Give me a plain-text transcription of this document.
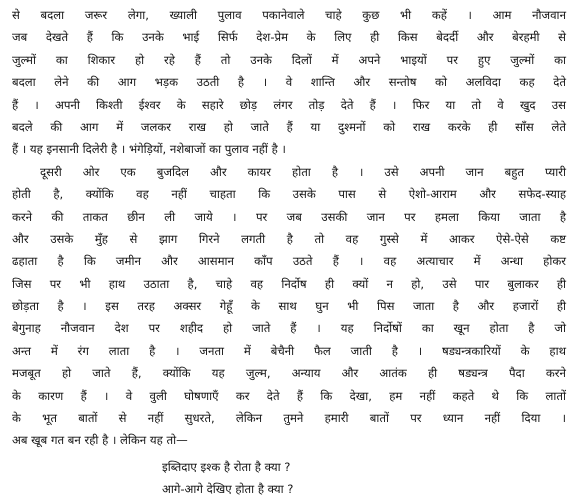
से बदला जरूर लेगा, ख्याली पुलाव पकानेवाले चाहे कुछ भी कहें । आम नौजवान
जब देखते हैं कि उनके भाई सिर्फ देश-प्रेम के लिए ही किस बेदर्दी और बेरहमी से
जुल्मों का शिकार हो रहे हैं तो उनके दिलों में अपने भाइयों पर हुए जुल्मों का
बदला लेने की आग भड़क उठती है । वे शान्ति और सन्तोष को अलविदा कह देते
हैं । अपनी किश्ती ईश्वर के सहारे छोड़ लंगर तोड़ देते हैं । फिर या तो वे खुद उस
बदले की आग में जलकर राख हो जाते हैं या दुश्मनों को राख करके ही साँस लेते
हैं । यह इनसानी दिलेरी है । भंगेड़ियों, नशेबाजों का पुलाव नहीं है ।
दूसरी ओर एक बुजदिल और कायर होता है । उसे अपनी जान बहुत प्यारी
होती है, क्योंकि वह नहीं चाहता कि उसके पास से ऐशो-आराम और सफेद-स्याह
करने की ताकत छीन ली जाये । पर जब उसकी जान पर हमला किया जाता है
और उसके मुँह से झाग गिरने लगती है तो वह गुस्से में आकर ऐसे-ऐसे कष्ट
ढहाता है कि जमीन और आसमान काँप उठते हैं । वह अत्याचार में अन्धा होकर
जिस पर भी हाथ उठाता है, चाहे वह निर्दोष ही क्यों न हो, उसे पार बुलाकर ही
छोड़ता है । इस तरह अक्सर गेहूँ के साथ घुन भी पिस जाता है और हजारों ही
बेगुनाह नौजवान देश पर शहीद हो जाते हैं । यह निर्दोषों का खून होता है जो
अन्त में रंग लाता है । जनता में बेचैनी फैल जाती है । षड्यन्त्रकारियों के हाथ
मजबूत हो जाते हैं, क्योंकि यह जुल्म, अन्याय और आतंक ही षड्यन्त्र पैदा करने
के कारण हैं । वे वुली घोषणाएँ कर देते हैं कि देखा, हम नहीं कहते थे कि लातों
के भूत बातों से नहीं सुधरते, लेकिन तुमने हमारी बातों पर ध्यान नहीं दिया ।
अब खूब गत बन रही है । लेकिन यह तो—
इब्तिदाए इश्क है रोता है क्या ?
आगे-आगे देखिए होता है क्या ?
